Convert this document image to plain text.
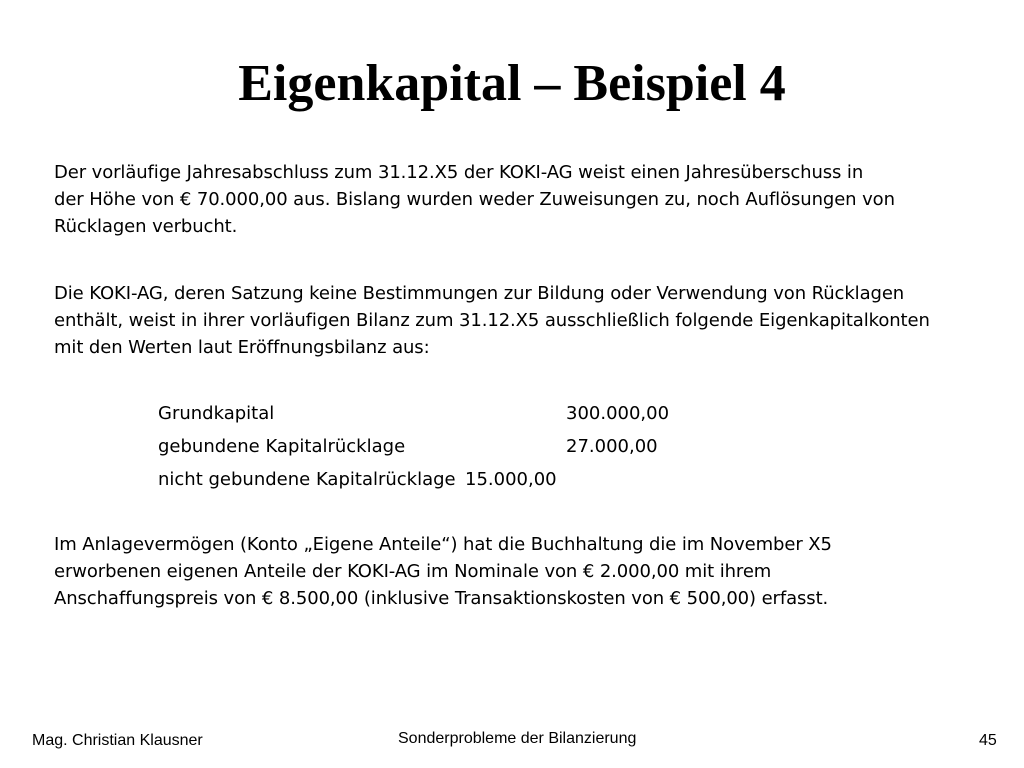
Eigenkapital – Beispiel 4
Der vorläufige Jahresabschluss zum 31.12.X5 der KOKI-AG weist einen Jahresüberschuss in
der Höhe von € 70.000,00 aus. Bislang wurden weder Zuweisungen zu, noch Auflösungen von
Rücklagen verbucht.
Die KOKI-AG, deren Satzung keine Bestimmungen zur Bildung oder Verwendung von Rücklagen
enthält, weist in ihrer vorläufigen Bilanz zum 31.12.X5 ausschließlich folgende Eigenkapitalkonten
mit den Werten laut Eröffnungsbilanz aus:
Grundkapital	300.000,00
gebundene Kapitalrücklage	27.000,00
nicht gebundene Kapitalrücklage 15.000,00
Im Anlagevermögen (Konto „Eigene Anteile“) hat die Buchhaltung die im November X5
erworbenen eigenen Anteile der KOKI-AG im Nominale von € 2.000,00 mit ihrem
Anschaffungspreis von € 8.500,00 (inklusive Transaktionskosten von € 500,00) erfasst.
Mag. Christian Klausner	Sonderprobleme der Bilanzierung	45
